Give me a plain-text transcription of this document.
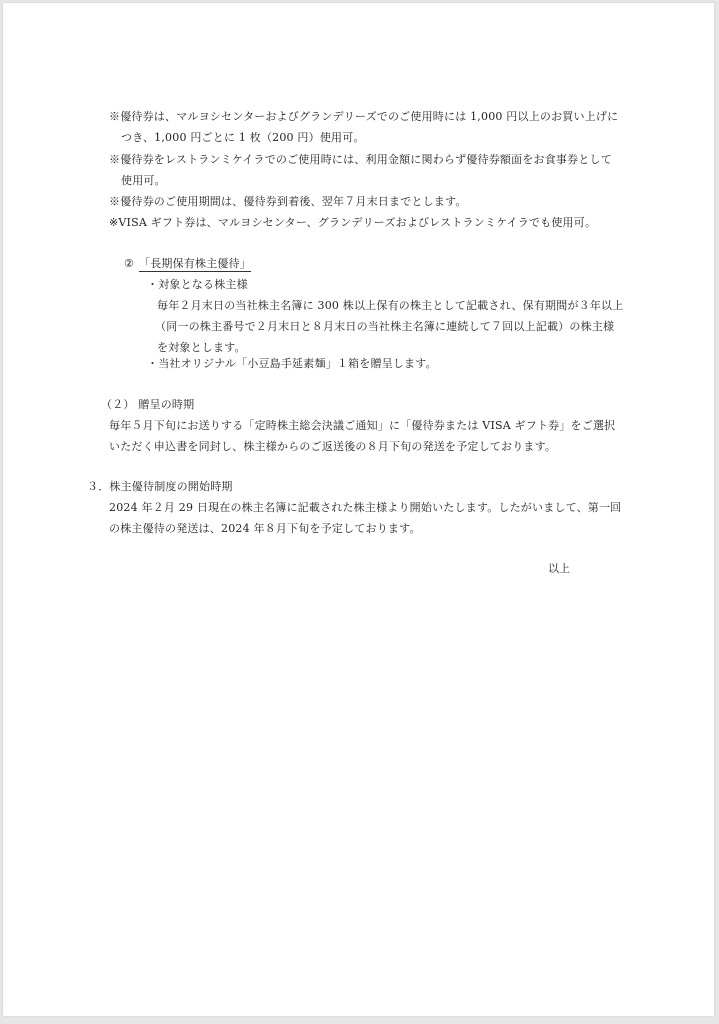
※優待券は、マルヨシセンターおよびグランデリーズでのご使用時には 1,000 円以上のお買い上げに
つき、1,000 円ごとに 1 枚（200 円）使用可。
※優待券をレストランミケイラでのご使用時には、利用金額に関わらず優待券額面をお食事券として
使用可。
※優待券のご使用期間は、優待券到着後、翌年７月末日までとします。
※VISA ギフト券は、マルヨシセンター、グランデリーズおよびレストランミケイラでも使用可。
② 「長期保有株主優待」
・対象となる株主様
毎年２月末日の当社株主名簿に 300 株以上保有の株主として記載され、保有期間が３年以上
（同一の株主番号で２月末日と８月末日の当社株主名簿に連続して７回以上記載）の株主様
を対象とします。
・当社オリジナル「小豆島手延素麺」１箱を贈呈します。
（２） 贈呈の時期
毎年５月下旬にお送りする「定時株主総会決議ご通知」に「優待券または VISA ギフト券」をご選択
いただく申込書を同封し、株主様からのご返送後の８月下旬の発送を予定しております。
３．株主優待制度の開始時期
2024 年２月 29 日現在の株主名簿に記載された株主様より開始いたします。したがいまして、第一回
の株主優待の発送は、2024 年８月下旬を予定しております。
以上
